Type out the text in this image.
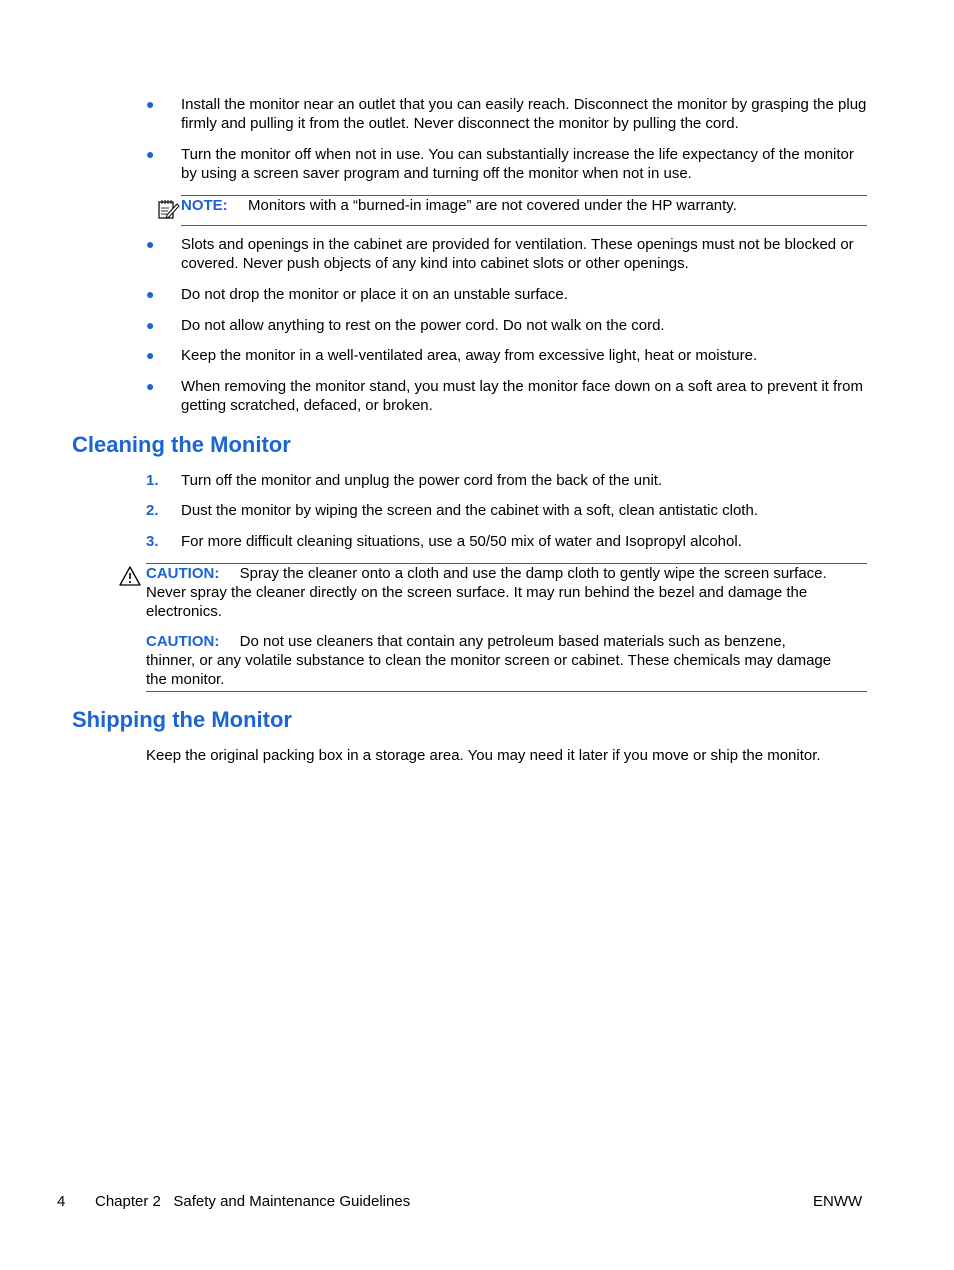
● Install the monitor near an outlet that you can easily reach. Disconnect the monitor by grasping the plug firmly and pulling it from the outlet. Never disconnect the monitor by pulling the cord.
● Turn the monitor off when not in use. You can substantially increase the life expectancy of the monitor by using a screen saver program and turning off the monitor when not in use.
NOTE: Monitors with a “burned-in image” are not covered under the HP warranty.
● Slots and openings in the cabinet are provided for ventilation. These openings must not be blocked or covered. Never push objects of any kind into cabinet slots or other openings.
● Do not drop the monitor or place it on an unstable surface.
● Do not allow anything to rest on the power cord. Do not walk on the cord.
● Keep the monitor in a well-ventilated area, away from excessive light, heat or moisture.
● When removing the monitor stand, you must lay the monitor face down on a soft area to prevent it from getting scratched, defaced, or broken.
Cleaning the Monitor
1. Turn off the monitor and unplug the power cord from the back of the unit.
2. Dust the monitor by wiping the screen and the cabinet with a soft, clean antistatic cloth.
3. For more difficult cleaning situations, use a 50/50 mix of water and Isopropyl alcohol.
CAUTION: Spray the cleaner onto a cloth and use the damp cloth to gently wipe the screen surface. Never spray the cleaner directly on the screen surface. It may run behind the bezel and damage the electronics.
CAUTION: Do not use cleaners that contain any petroleum based materials such as benzene, thinner, or any volatile substance to clean the monitor screen or cabinet. These chemicals may damage the monitor.
Shipping the Monitor
Keep the original packing box in a storage area. You may need it later if you move or ship the monitor.
4 Chapter 2   Safety and Maintenance Guidelines	ENWW
